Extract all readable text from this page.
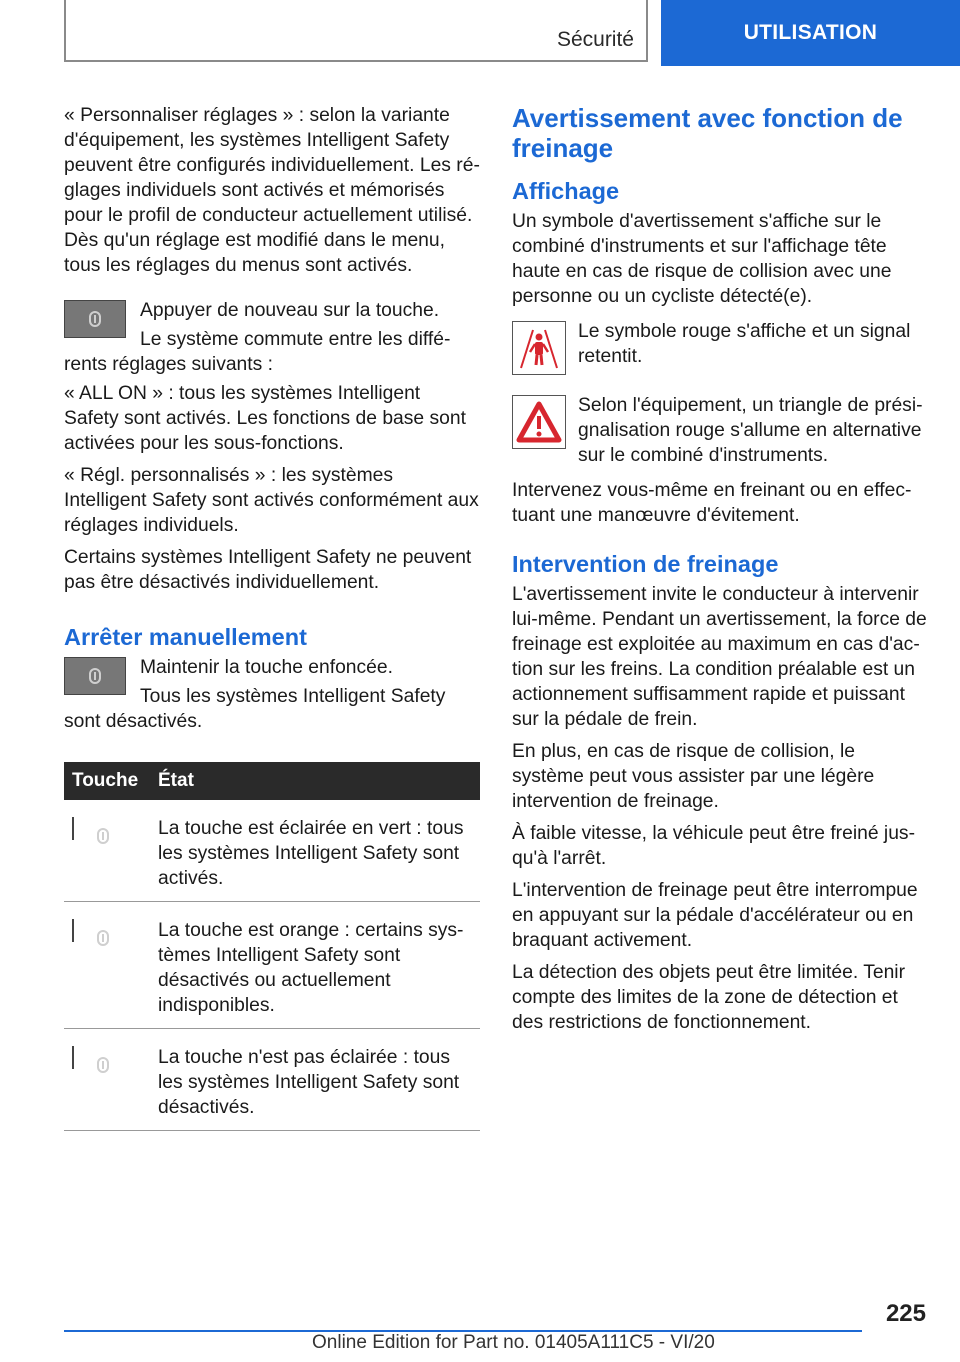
Sécurité	UTILISATION

« Personnaliser réglages » : selon la variante d'équipement, les systèmes Intelligent Safety peuvent être configurés individuellement. Les réglages individuels sont activés et mémorisés pour le profil de conducteur actuellement utilisé. Dès qu'un réglage est modifié dans le menu, tous les réglages du menus sont activés.

Appuyer de nouveau sur la touche.

Le système commute entre les différents réglages suivants :

« ALL ON » : tous les systèmes Intelligent Safety sont activés. Les fonctions de base sont activées pour les sous-fonctions.

« Régl. personnalisés » : les systèmes Intelligent Safety sont activés conformément aux réglages individuels.

Certains systèmes Intelligent Safety ne peuvent pas être désactivés individuellement.

Arrêter manuellement

Maintenir la touche enfoncée.

Tous les systèmes Intelligent Safety sont désactivés.

Touche	État
	La touche est éclairée en vert : tous les systèmes Intelligent Safety sont activés.
	La touche est orange : certains systèmes Intelligent Safety sont désactivés ou actuellement indisponibles.
	La touche n'est pas éclairée : tous les systèmes Intelligent Safety sont désactivés.
Avertissement avec fonction de freinage
Affichage

Un symbole d'avertissement s'affiche sur le combiné d'instruments et sur l'affichage tête haute en cas de risque de collision avec une personne ou un cycliste détecté(e).

Le symbole rouge s'affiche et un signal retentit.

Selon l'équipement, un triangle de présignalisation rouge s'allume en alternative sur le combiné d'instruments.

Intervenez vous-même en freinant ou en effectuant une manœuvre d'évitement.

Intervention de freinage

L'avertissement invite le conducteur à intervenir lui-même. Pendant un avertissement, la force de freinage est exploitée au maximum en cas d'action sur les freins. La condition préalable est un actionnement suffisamment rapide et puissant sur la pédale de frein.

En plus, en cas de risque de collision, le système peut vous assister par une légère intervention de freinage.

À faible vitesse, la véhicule peut être freiné jusqu'à l'arrêt.

L'intervention de freinage peut être interrompue en appuyant sur la pédale d'accélérateur ou en braquant activement.

La détection des objets peut être limitée. Tenir compte des limites de la zone de détection et des restrictions de fonctionnement.

225
Online Edition for Part no. 01405A111C5 - VI/20
